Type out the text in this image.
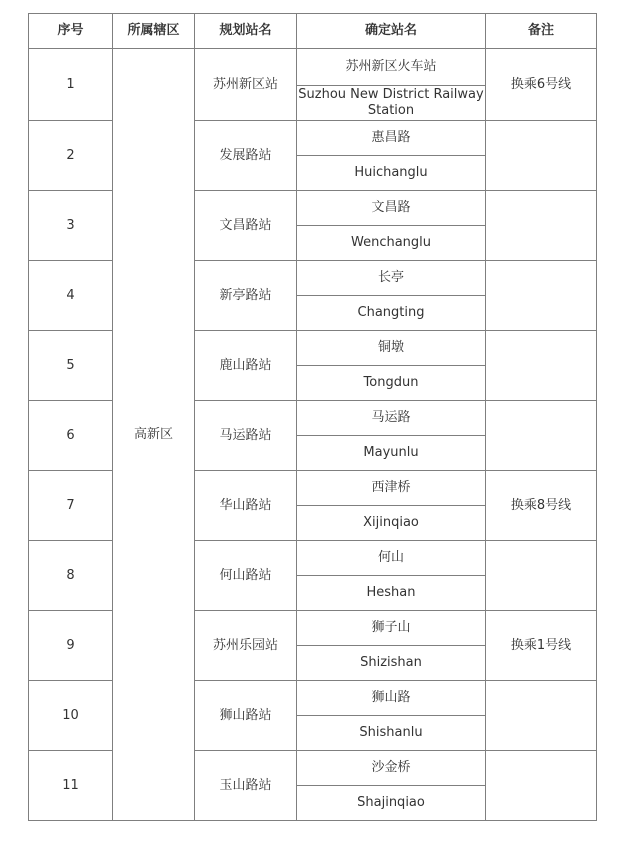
序号	所属辖区	规划站名	确定站名	备注
1	高新区	苏州新区站	苏州新区火车站	换乘6号线
			Suzhou New District Railway Station	
2		发展路站	惠昌路	
			Huichanglu	
3		文昌路站	文昌路	
			Wenchanglu	
4		新亭路站	长亭	
			Changting	
5		鹿山路站	铜墩	
			Tongdun	
6		马运路站	马运路	
			Mayunlu	
7		华山路站	西津桥	换乘8号线
			Xijinqiao	
8		何山路站	何山	
			Heshan	
9		苏州乐园站	狮子山	换乘1号线
			Shizishan	
10		狮山路站	狮山路	
			Shishanlu	
11		玉山路站	沙金桥	
			Shajinqiao	
